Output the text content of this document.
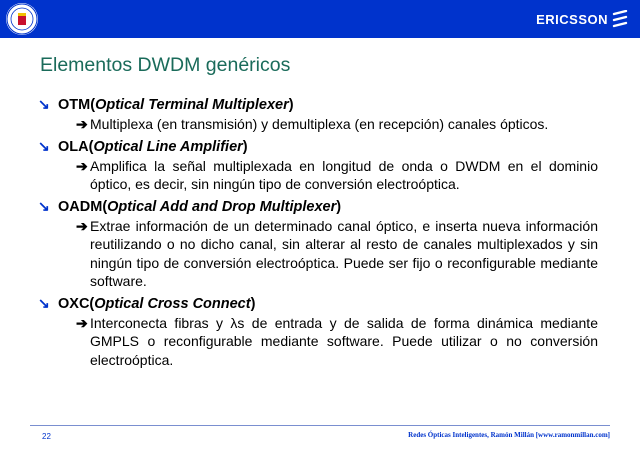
ERICSSON
Elementos DWDM genéricos
↘ OTM ( Optical Terminal Multiplexer )
➔ Multiplexa (en transmisión) y demultiplexa (en recepción) canales ópticos.
↘ OLA ( Optical Line Amplifier )
➔ Amplifica la señal multiplexada en longitud de onda o DWDM en el dominio óptico, es decir, sin ningún tipo de conversión electroóptica.
↘ OADM ( Optical Add and Drop Multiplexer )
➔ Extrae información de un determinado canal óptico, e inserta nueva información reutilizando o no dicho canal, sin alterar al resto de canales multiplexados y sin ningún tipo de conversión electroóptica. Puede ser fijo o reconfigurable mediante software.
↘ OXC ( Optical Cross Connect )
➔ Interconecta fibras y λs de entrada y de salida de forma dinámica mediante GMPLS o reconfigurable mediante software. Puede utilizar o no conversión electroóptica.
22	Redes Ópticas Inteligentes, Ramón Millán [www.ramonmillan.com]
